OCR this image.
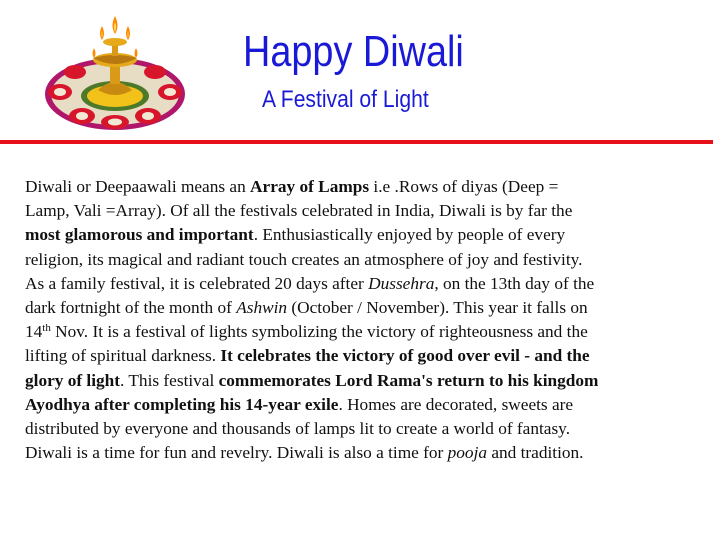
Happy Diwali
A Festival of Light
Diwali or Deepaawali means an Array of Lamps i.e .Rows of diyas (Deep =
Lamp, Vali =Array). Of all the festivals celebrated in India, Diwali is by far the
most glamorous and important. Enthusiastically enjoyed by people of every
religion, its magical and radiant touch creates an atmosphere of joy and festivity.
As a family festival, it is celebrated 20 days after Dussehra, on the 13th day of the
dark fortnight of the month of Ashwin (October / November). This year it falls on
14th Nov. It is a festival of lights symbolizing the victory of righteousness and the
lifting of spiritual darkness. It celebrates the victory of good over evil - and the
glory of light. This festival commemorates Lord Rama's return to his kingdom
Ayodhya after completing his 14-year exile. Homes are decorated, sweets are
distributed by everyone and thousands of lamps lit to create a world of fantasy.
Diwali is a time for fun and revelry. Diwali is also a time for pooja and tradition.
